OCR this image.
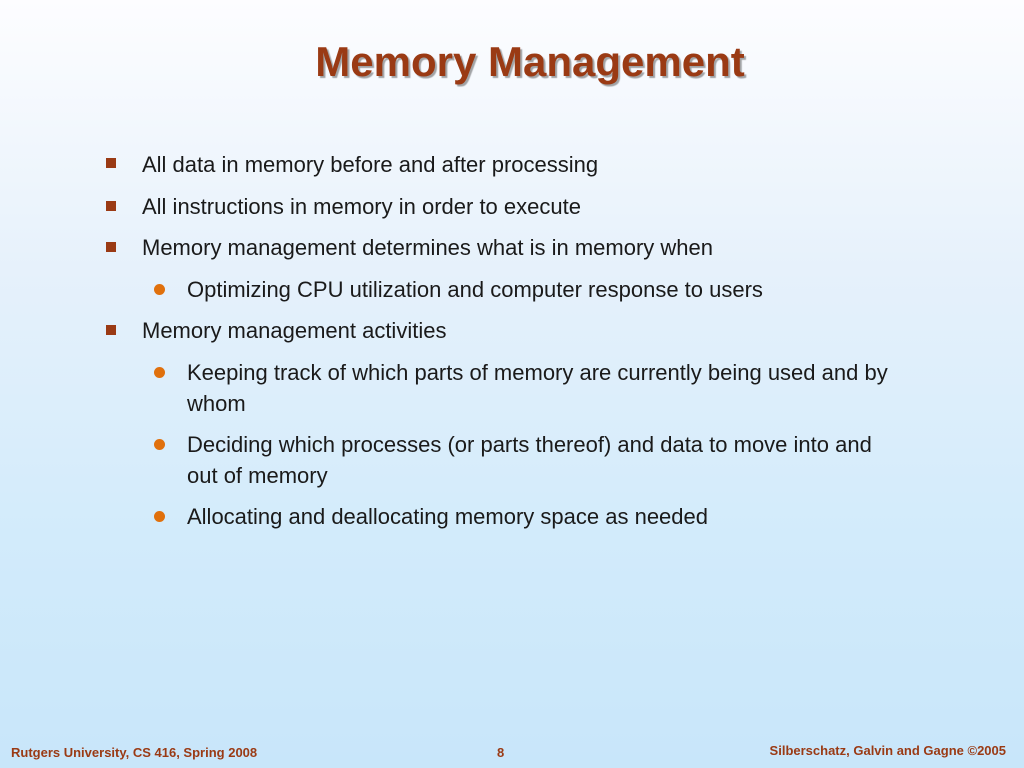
Memory Management
All data in memory before and after processing
All instructions in memory in order to execute
Memory management determines what is in memory when
Optimizing CPU utilization and computer response to users
Memory management activities
Keeping track of which parts of memory are currently being used and by whom
Deciding which processes (or parts thereof) and data to move into and out of memory
Allocating and deallocating memory space as needed
Rutgers University, CS 416, Spring 2008	8	Silberschatz, Galvin and Gagne ©2005
